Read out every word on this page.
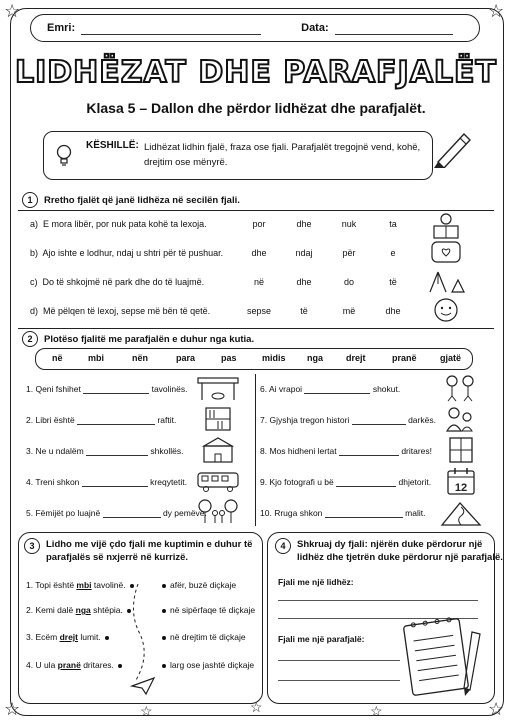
☆	☆
☆	☆
☆	☆	☆
Emri:	Data:
LIDHËZAT DHE PARAFJALËT
Klasa 5 – Dallon dhe përdor lidhëzat dhe parafjalët.
KËSHILLË: Lidhëzat lidhin fjalë, fraza ose fjali. Parafjalët tregojnë vend, kohë, drejtim ose mënyrë.
1	Rretho fjalët që janë lidhëza në secilën fjali.
a) E mora libër, por nuk pata kohë ta lexoja.	por	dhe	nuk	ta
b) Ajo ishte e lodhur, ndaj u shtri për të pushuar.	dhe	ndaj	për	e
c) Do të shkojmë në park dhe do të luajmë.	në	dhe	do	të
d) Më pëlqen të lexoj, sepse më bën të qetë.	sepse	të	më	dhe
2	Plotëso fjalitë me parafjalën e duhur nga kutia.
në	mbi	nën	para	pas	midis nga	drejt	pranë	gjatë
1. Qeni fshihet	tavolinës.
2. Libri është	raftit.
3. Ne u ndalëm	shkollës.
4. Treni shkon	kreqytetit.
5. Fëmijët po luajnë	dy pemëve.
6. Ai vrapoi	shokut.
7. Gjyshja tregon histori	darkës.
8. Mos hidheni lertat	dritares!
9. Kjo fotografi u bë	dhjetorit.
10. Rruga shkon	malit.
12
3	Lidho me vijë çdo fjali me kuptimin e duhur të
parafjalës së nxjerrë në kurrizë.
1. Topi është mbi tavolinë.
2. Kemi dalë nga shtëpia.
3. Ecëm drejt lumit.
4. U ula pranë dritares.
afër, buzë diçkaje
në sipërfaqe të diçkaje
në drejtim të diçkaje
larg ose jashtë diçkaje
4	Shkruaj dy fjali: njërën duke përdorur një
lidhëz dhe tjetrën duke përdorur një parafjalë.
Fjali me një lidhëz:
Fjali me një parafjalë:
